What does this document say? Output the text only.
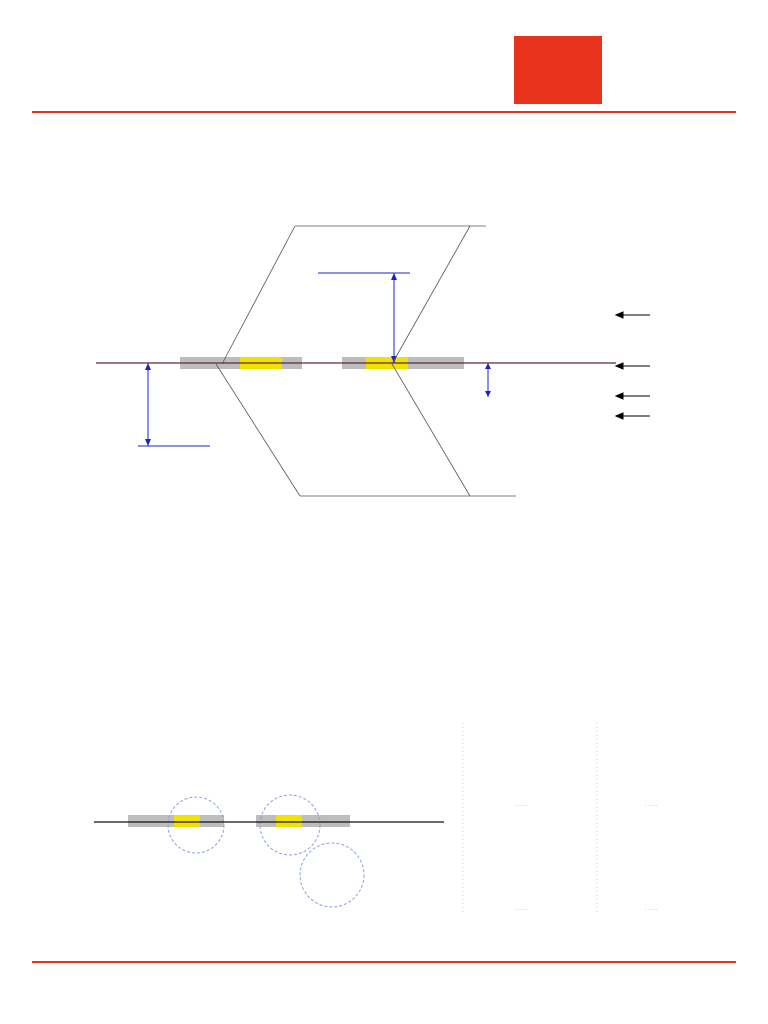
. . . . .	. . . . .
. . . . .	. . . . .
